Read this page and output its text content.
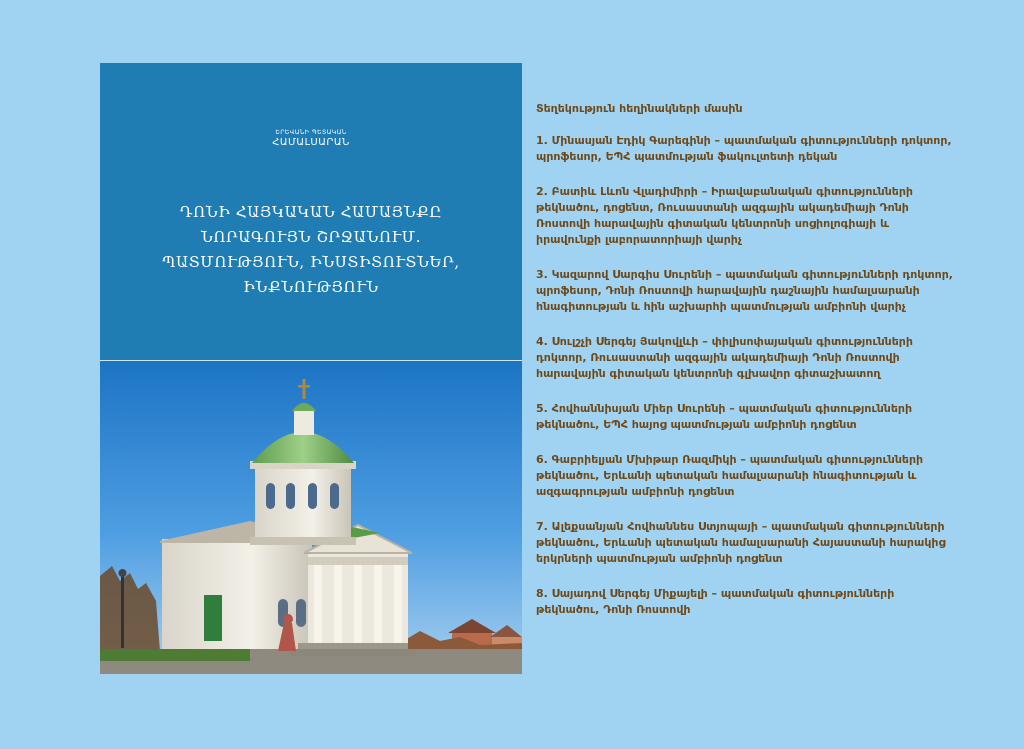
ԵՐԵՎԱՆԻ ՊԵՏԱԿԱՆ
ՀԱՄԱԼՍԱՐԱՆ
ԴՈՆԻ ՀԱՅԿԱԿԱՆ ՀԱՄԱՅՆՔԸ
ՆՈՐԱԳՈՒՅՆ ՇՐՋԱՆՈՒՄ.
ՊԱՏՄՈՒԹՅՈՒՆ, ԻՆՍՏԻՏՈՒՏՆԵՐ,
ԻՆՔՆՈՒԹՅՈՒՆ
Տեղեկություն հեղինակների մասին
1. Մինասյան Էդիկ Գարեգինի – պատմական գիտությունների դոկտոր, պրոֆեսոր, ԵՊՀ պատմության ֆակուլտետի դեկան
2. Բատիև Լևոն Վլադիմիրի – Իրավաբանական գիտությունների թեկնածու, դոցենտ, Ռուսաստանի ազգային ակադեմիայի Դոնի Ռոստովի հարավային գիտական կենտրոնի սոցիոլոգիայի և իրավունքի լաբորատորիայի վարիչ
3. Կազարով Սարգիս Սուրենի – պատմական գիտությունների դոկտոր, պրոֆեսոր, Դոնի Ռոստովի հարավային դաշնային համալսարանի հնագիտության և հին աշխարհի պատմության ամբիոնի վարիչ
4. Սուլշչի Սերգեյ Յակովլևի – փիլիսոփայական գիտությունների դոկտոր, Ռուսաստանի ազգային ակադեմիայի Դոնի Ռոստովի հարավային գիտական կենտրոնի գլխավոր գիտաշխատող
5. Հովհաննիսյան Միեր Սուրենի – պատմական գիտությունների թեկնածու, ԵՊՀ հայոց պատմության ամբիոնի դոցենտ
6. Գաբրիելյան Մխիթար Ռազմիկի – պատմական գիտությունների թեկնածու, Երևանի պետական համալսարանի հնագիտության և ազգագրության ամբիոնի դոցենտ
7. Ալեքսանյան Հովհաննես Ստյոպայի – պատմական գիտությունների թեկնածու, Երևանի պետական համալսարանի Հայաստանի հարակից երկրների պատմության ամբիոնի դոցենտ
8. Սայադով Սերգեյ Միքայելի – պատմական գիտությունների թեկնածու, Դոնի Ռոստովի
